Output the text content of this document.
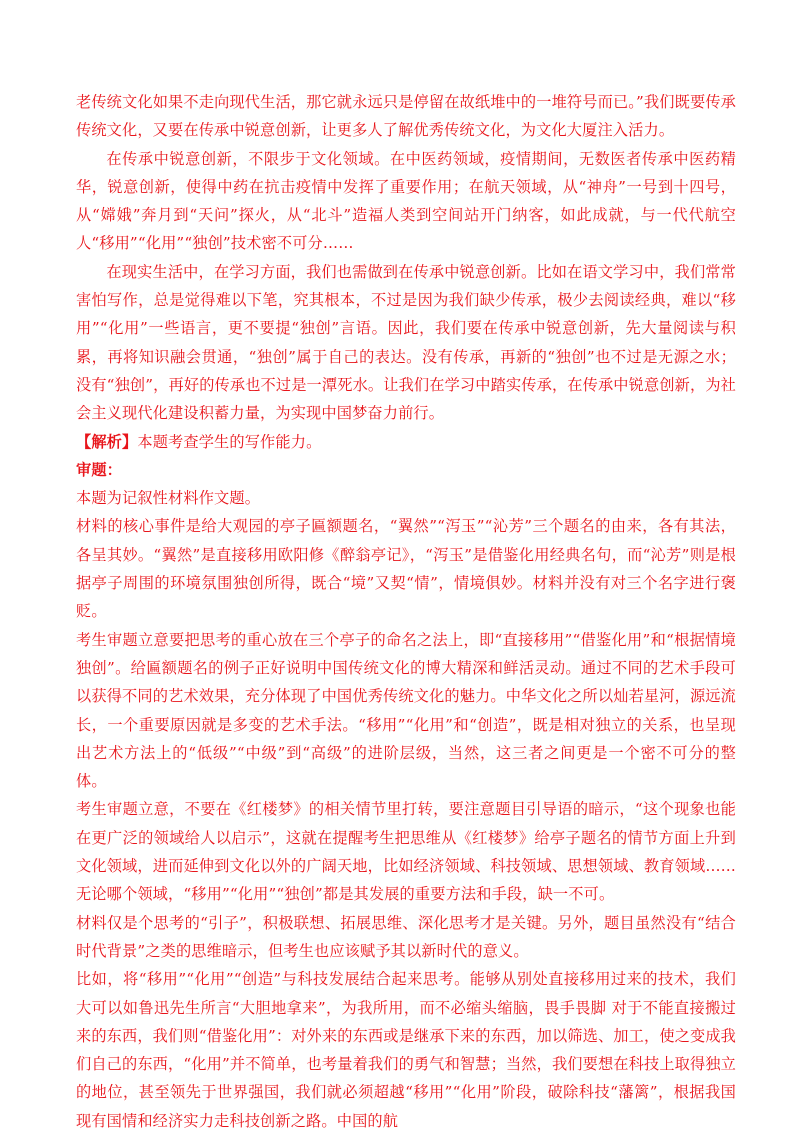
老传统文化如果不走向现代生活，那它就永远只是停留在故纸堆中的一堆符号而已。”我们既要传承传统文化，又要在传承中锐意创新，让更多人了解优秀传统文化，为文化大厦注入活力。

在传承中锐意创新，不限步于文化领域。在中医药领域，疫情期间，无数医者传承中医药精华，锐意创新，使得中药在抗击疫情中发挥了重要作用；在航天领域，从“神舟”一号到十四号，从“嫦娥”奔月到“天问”探火，从“北斗”造福人类到空间站开门纳客，如此成就，与一代代航空人“移用”“化用”“独创”技术密不可分……

在现实生活中，在学习方面，我们也需做到在传承中锐意创新。比如在语文学习中，我们常常害怕写作，总是觉得难以下笔，究其根本，不过是因为我们缺少传承，极少去阅读经典，难以“移用”“化用”一些语言，更不要提“独创”言语。因此，我们要在传承中锐意创新，先大量阅读与积累，再将知识融会贯通，“独创”属于自己的表达。没有传承，再新的“独创”也不过是无源之水；没有“独创”，再好的传承也不过是一潭死水。让我们在学习中踏实传承，在传承中锐意创新，为社会主义现代化建设积蓄力量，为实现中国梦奋力前行。

【解析】本题考查学生的写作能力。

审题：

本题为记叙性材料作文题。

材料的核心事件是给大观园的亭子匾额题名，“翼然”“泻玉”“沁芳”三个题名的由来，各有其法，各呈其妙。“翼然”是直接移用欧阳修《醉翁亭记》，“泻玉”是借鉴化用经典名句，而“沁芳”则是根据亭子周围的环境氛围独创所得，既合“境”又契“情”，情境俱妙。材料并没有对三个名字进行褒贬。

考生审题立意要把思考的重心放在三个亭子的命名之法上，即“直接移用”“借鉴化用”和“根据情境独创”。给匾额题名的例子正好说明中国传统文化的博大精深和鲜活灵动。通过不同的艺术手段可以获得不同的艺术效果，充分体现了中国优秀传统文化的魅力。中华文化之所以灿若星河，源远流长，一个重要原因就是多变的艺术手法。“移用”“化用”和“创造”，既是相对独立的关系，也呈现出艺术方法上的“低级”“中级”到“高级”的进阶层级，当然，这三者之间更是一个密不可分的整体。

考生审题立意，不要在《红楼梦》的相关情节里打转，要注意题目引导语的暗示，“这个现象也能在更广泛的领域给人以启示”，这就在提醒考生把思维从《红楼梦》给亭子题名的情节方面上升到文化领域，进而延伸到文化以外的广阔天地，比如经济领域、科技领域、思想领域、教育领域……无论哪个领域，“移用”“化用”“独创”都是其发展的重要方法和手段，缺一不可。

材料仅是个思考的“引子”，积极联想、拓展思维、深化思考才是关键。另外，题目虽然没有“结合时代背景”之类的思维暗示，但考生也应该赋予其以新时代的意义。

比如，将“移用”“化用”“创造”与科技发展结合起来思考。能够从别处直接移用过来的技术，我们大可以如鲁迅先生所言“大胆地拿来”，为我所用，而不必缩头缩脑，畏手畏脚 对于不能直接搬过来的东西，我们则“借鉴化用”：对外来的东西或是继承下来的东西，加以筛选、加工，使之变成我们自己的东西，“化用”并不简单，也考量着我们的勇气和智慧；当然，我们要想在科技上取得独立的地位，甚至领先于世界强国，我们就必须超越“移用”“化用”阶段，破除科技“藩篱”，根据我国现有国情和经济实力走科技创新之路。中国的航
